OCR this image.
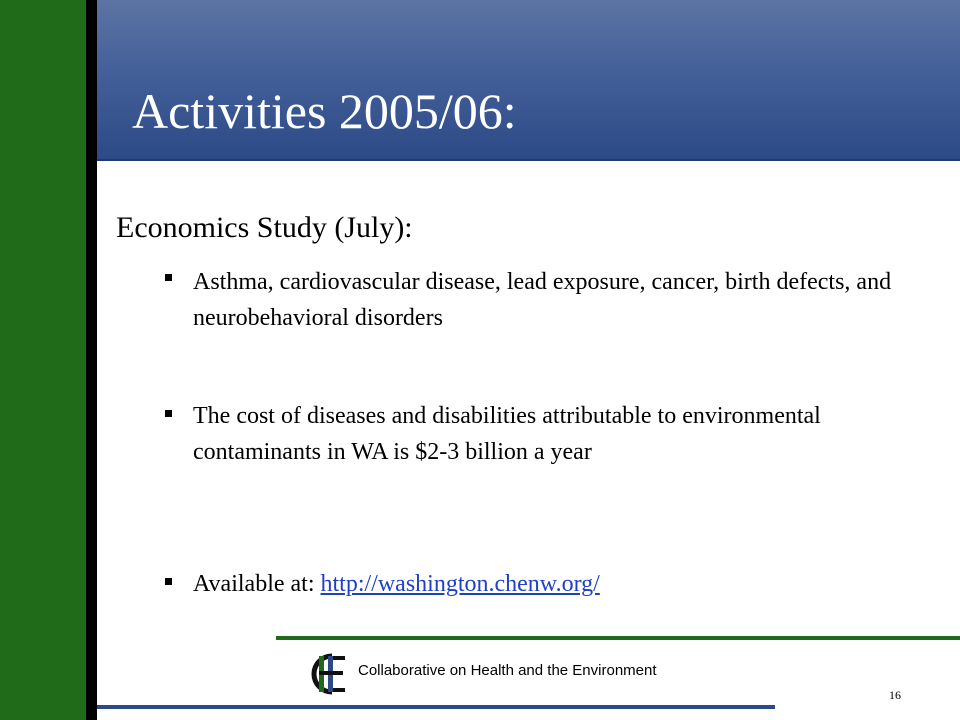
Activities 2005/06:
Economics Study (July):
Asthma, cardiovascular disease, lead exposure, cancer, birth defects, and neurobehavioral disorders
The cost of diseases and disabilities attributable to environmental contaminants in WA is $2-3 billion a year
Available at: http://washington.chenw.org/
Collaborative on Health and the Environment
16
